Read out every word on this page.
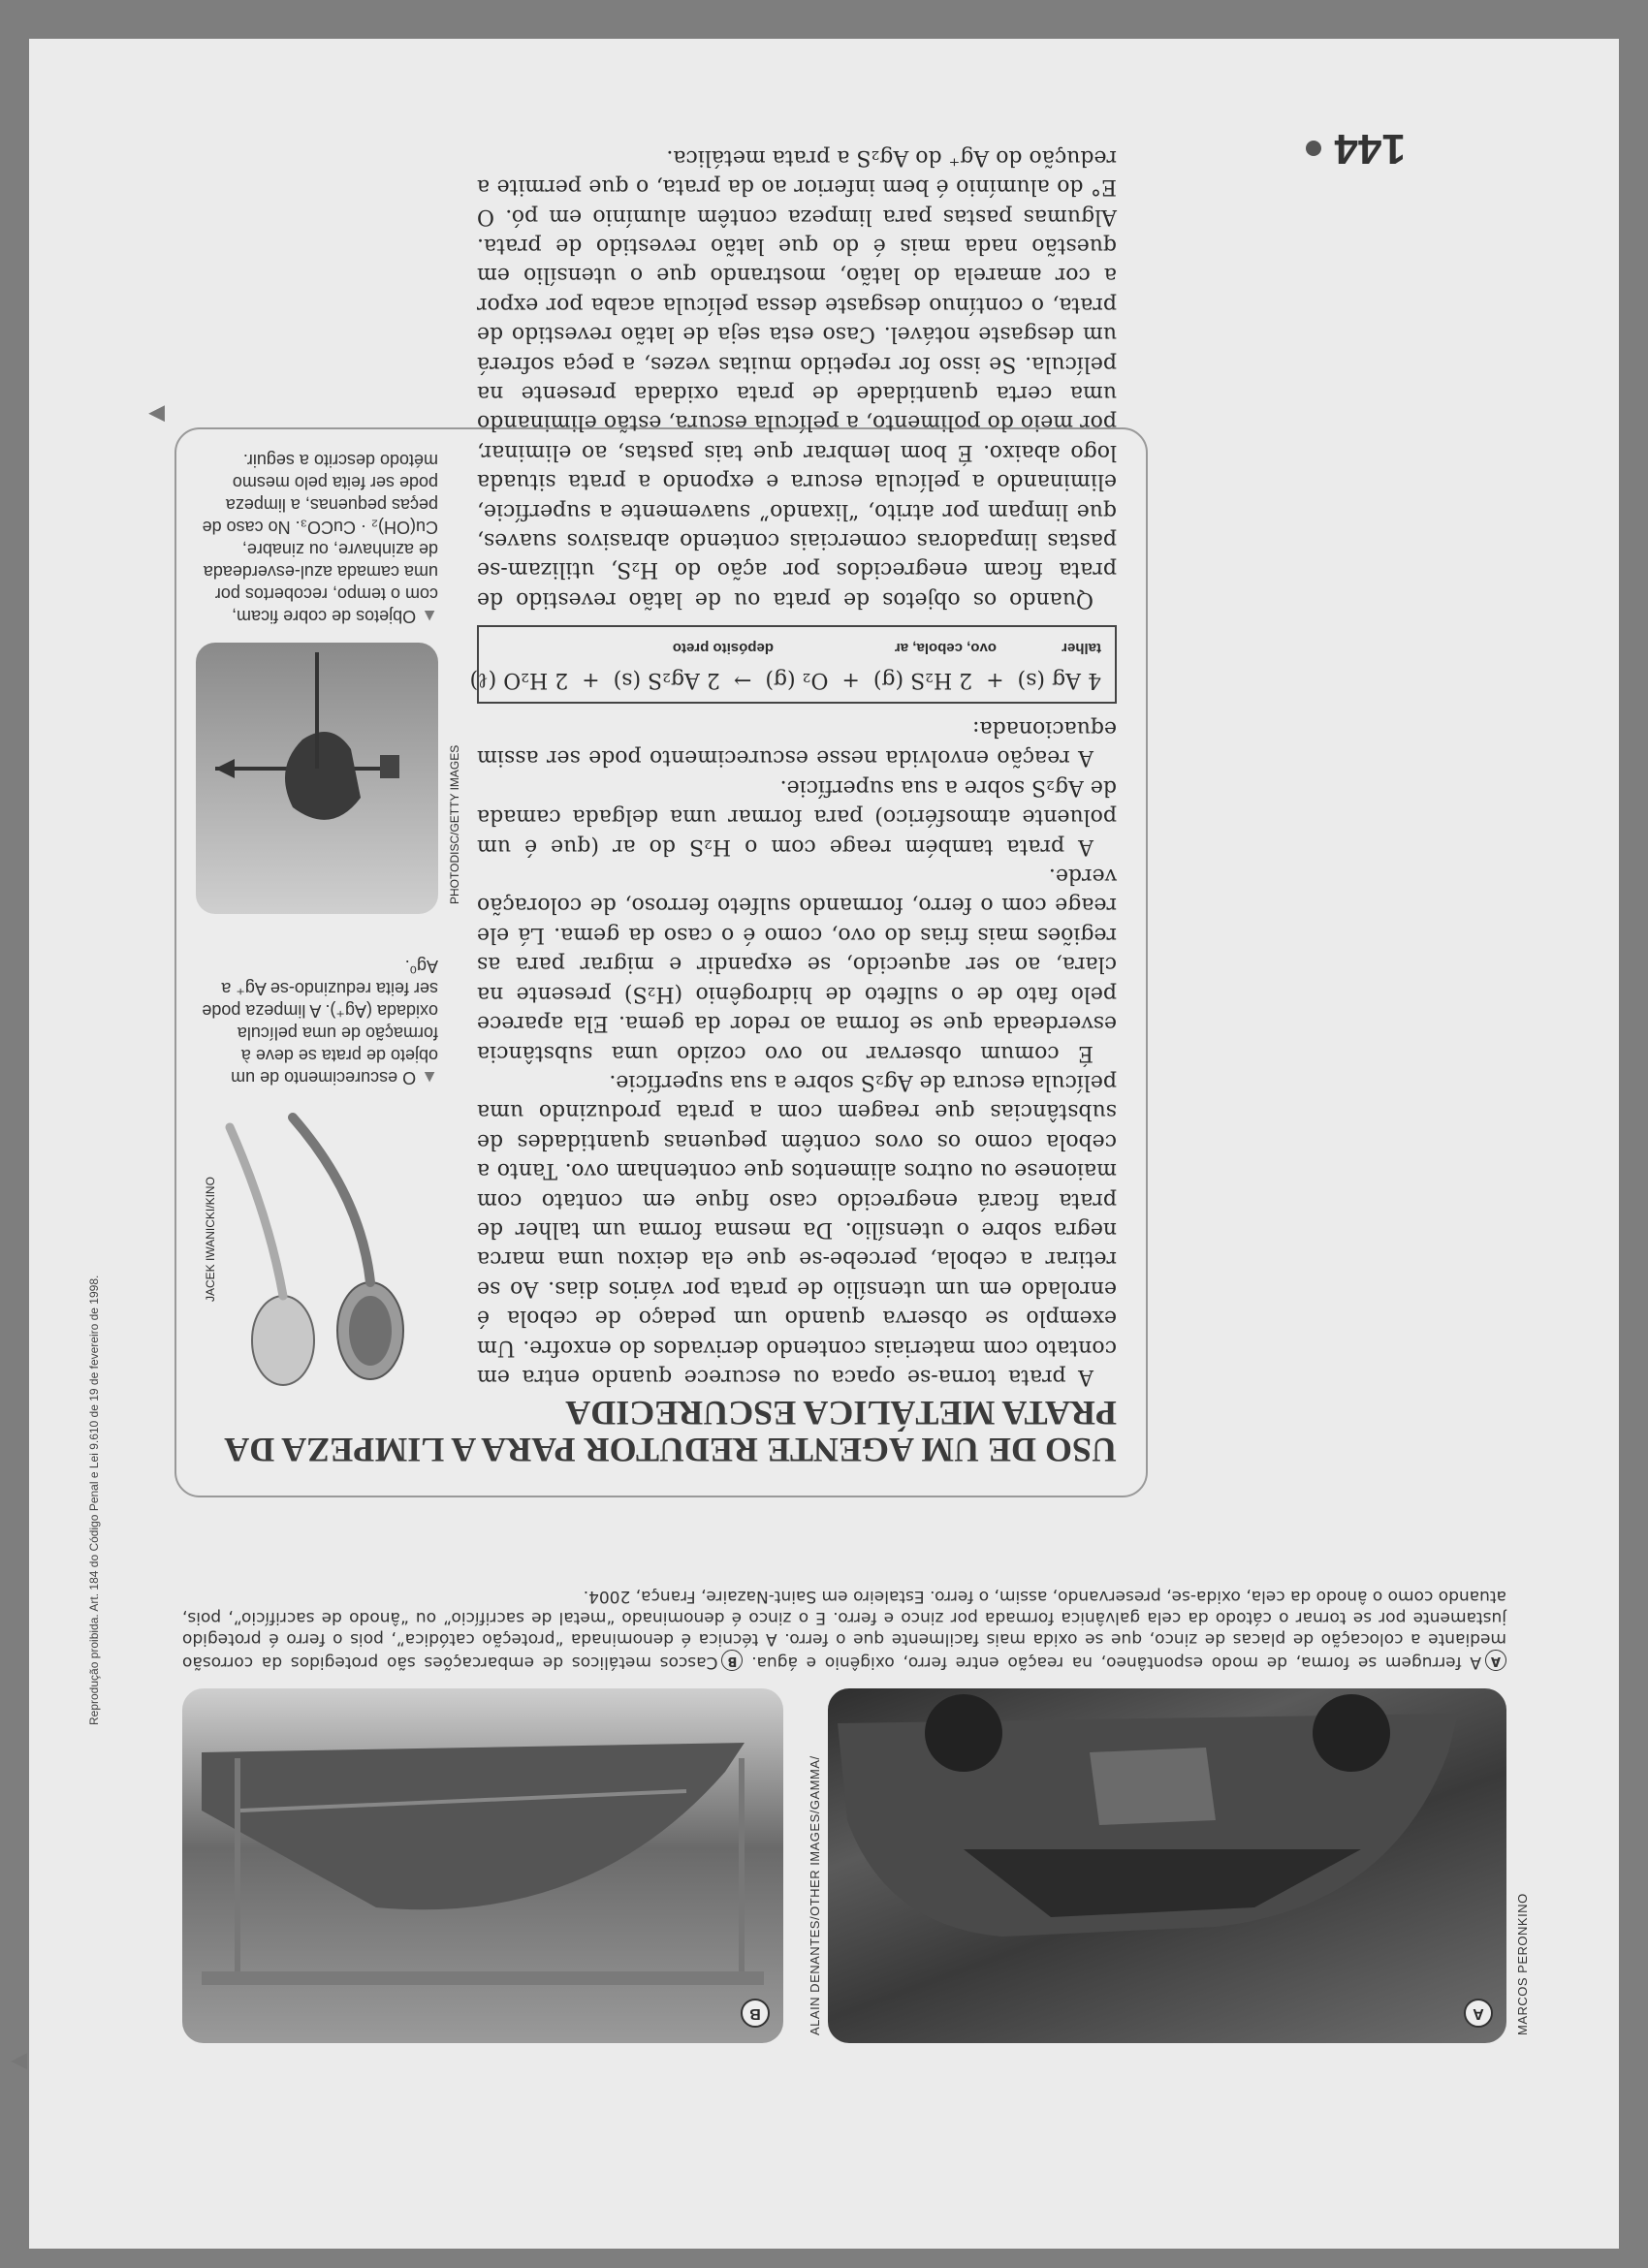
144
Reprodução proibida. Art. 184 do Código Penal e Lei 9.610 de 19 de fevereiro de 1998.
A	MARCOS PERONKINO
B	ALAIN DENANTES/OTHER IMAGES/GAMMA/
AA ferrugem se forma, de modo espontâneo, na reação entre ferro, oxigênio e água. BCascos metálicos de embarcações são protegidos da corrosão mediante a colocação de placas de zinco, que se oxida mais facilmente que o ferro. A técnica é denominada “proteção catódica”, pois o ferro é protegido justamente por se tornar o cátodo da cela galvânica formada por zinco e ferro. E o zinco é denominado “metal de sacrifício” ou “ânodo de sacrifício”, pois, atuando como o ânodo da cela, oxida-se, preservando, assim, o ferro. Estaleiro em Saint-Nazaire, França, 2004.
USO DE UM AGENTE REDUTOR PARA A LIMPEZA DA PRATA METÁLICA ESCURECIDA

A prata torna-se opaca ou escurece quando entra em contato com materiais contendo derivados do enxofre. Um exemplo se observa quando um pedaço de cebola é enrolado em um utensílio de prata por vários dias. Ao se retirar a cebola, percebe-se que ela deixou uma marca negra sobre o utensílio. Da mesma forma um talher de prata ficará enegrecido caso fique em contato com maionese ou outros alimentos que contenham ovo. Tanto a cebola como os ovos contêm pequenas quantidades de substâncias que reagem com a prata produzindo uma película escura de Ag₂S sobre a sua superfície.

É comum observar no ovo cozido uma substância esverdeada que se forma ao redor da gema. Ela aparece pelo fato de o sulfeto de hidrogênio (H₂S) presente na clara, ao ser aquecido, se expandir e migrar para as regiões mais frias do ovo, como é o caso da gema. Lá ele reage com o ferro, formando sulfeto ferroso, de coloração verde.

A prata também reage com o H₂S do ar (que é um poluente atmosférico) para formar uma delgada camada de Ag₂S sobre a sua superfície.

A reação envolvida nesse escurecimento pode ser assim equacionada:

4 Ag (s)  +  2 H₂S (g)  +  O₂ (g)
→
2 Ag₂S (s)  +  2 H₂O (ℓ)
talher
ovo, cebola, ar
depósito preto

Quando os objetos de prata ou de latão revestido de prata ficam enegrecidos por ação do H₂S, utilizam-se pastas limpadoras comerciais contendo abrasivos suaves, que limpam por atrito, “lixando” suavemente a superfície, eliminando a película escura e expondo a prata situada logo abaixo. É bom lembrar que tais pastas, ao eliminar, por meio do polimento, a película escura, estão eliminando uma certa quantidade de prata oxidada presente na película. Se isso for repetido muitas vezes, a peça sofrerá um desgaste notável. Caso esta seja de latão revestido de prata, o contínuo desgaste dessa película acaba por expor a cor amarela do latão, mostrando que o utensílio em questão nada mais é do que latão revestido de prata. Algumas pastas para limpeza contêm alumínio em pó. O E° do alumínio é bem inferior ao da prata, o que permite a redução do Ag⁺ do Ag₂S a prata metálica.

JACEK IWANICKI/KINO
▲ O escurecimento de um objeto de prata se deve à formação de uma película oxidada (Ag⁺). A limpeza pode ser feita reduzindo-se Ag⁺ a Ag⁰.
PHOTODISC/GETTY IMAGES
▲ Objetos de cobre ficam, com o tempo, recobertos por uma camada azul-esverdeada de azinhavre, ou zinabre, Cu(OH)₂ · CuCO₃. No caso de peças pequenas, a limpeza pode ser feita pelo mesmo método descrito a seguir.
▶
▶
